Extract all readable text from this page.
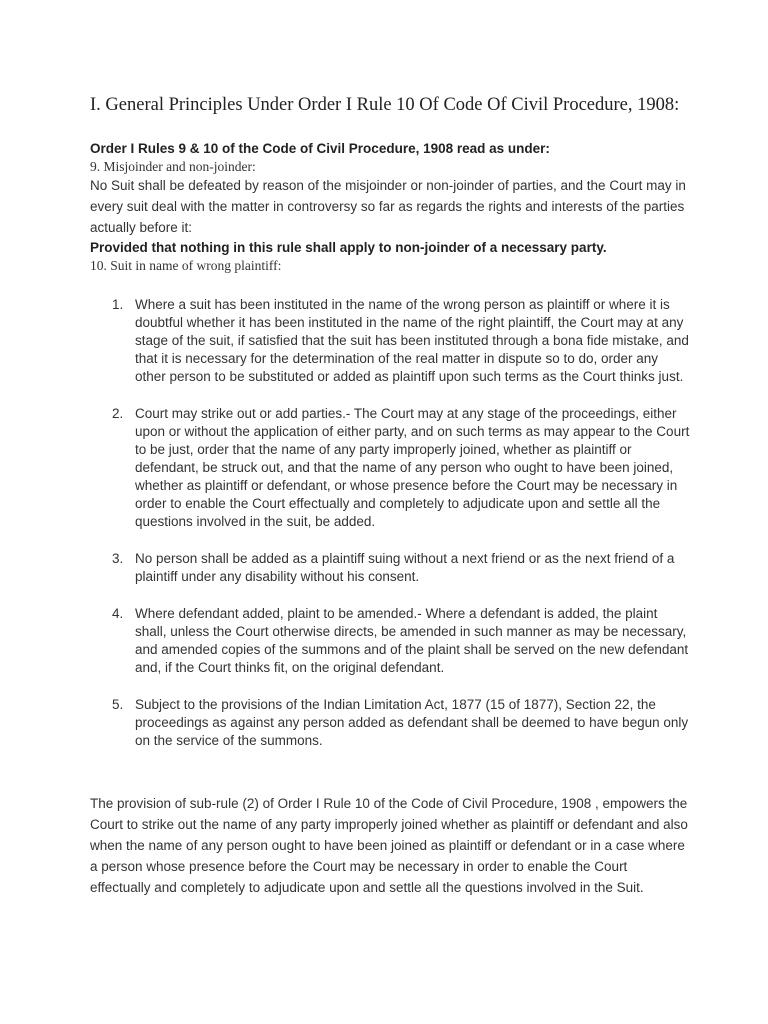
I. General Principles Under Order I Rule 10 Of Code Of Civil Procedure, 1908:

Order I Rules 9 & 10 of the Code of Civil Procedure, 1908 read as under:

9. Misjoinder and non-joinder:

No Suit shall be defeated by reason of the misjoinder or non-joinder of parties, and the Court may in every suit deal with the matter in controversy so far as regards the rights and interests of the parties actually before it:

Provided that nothing in this rule shall apply to non-joinder of a necessary party.

10. Suit in name of wrong plaintiff:

1. Where a suit has been instituted in the name of the wrong person as plaintiff or where it is doubtful whether it has been instituted in the name of the right plaintiff, the Court may at any stage of the suit, if satisfied that the suit has been instituted through a bona fide mistake, and that it is necessary for the determination of the real matter in dispute so to do, order any other person to be substituted or added as plaintiff upon such terms as the Court thinks just.
2. Court may strike out or add parties.- The Court may at any stage of the proceedings, either upon or without the application of either party, and on such terms as may appear to the Court to be just, order that the name of any party improperly joined, whether as plaintiff or defendant, be struck out, and that the name of any person who ought to have been joined, whether as plaintiff or defendant, or whose presence before the Court may be necessary in order to enable the Court effectually and completely to adjudicate upon and settle all the questions involved in the suit, be added.
3. No person shall be added as a plaintiff suing without a next friend or as the next friend of a plaintiff under any disability without his consent.
4. Where defendant added, plaint to be amended.- Where a defendant is added, the plaint shall, unless the Court otherwise directs, be amended in such manner as may be necessary, and amended copies of the summons and of the plaint shall be served on the new defendant and, if the Court thinks fit, on the original defendant.
5. Subject to the provisions of the Indian Limitation Act, 1877 (15 of 1877), Section 22, the proceedings as against any person added as defendant shall be deemed to have begun only on the service of the summons.

The provision of sub-rule (2) of Order I Rule 10 of the Code of Civil Procedure, 1908 , empowers the Court to strike out the name of any party improperly joined whether as plaintiff or defendant and also when the name of any person ought to have been joined as plaintiff or defendant or in a case where a person whose presence before the Court may be necessary in order to enable the Court effectually and completely to adjudicate upon and settle all the questions involved in the Suit.
